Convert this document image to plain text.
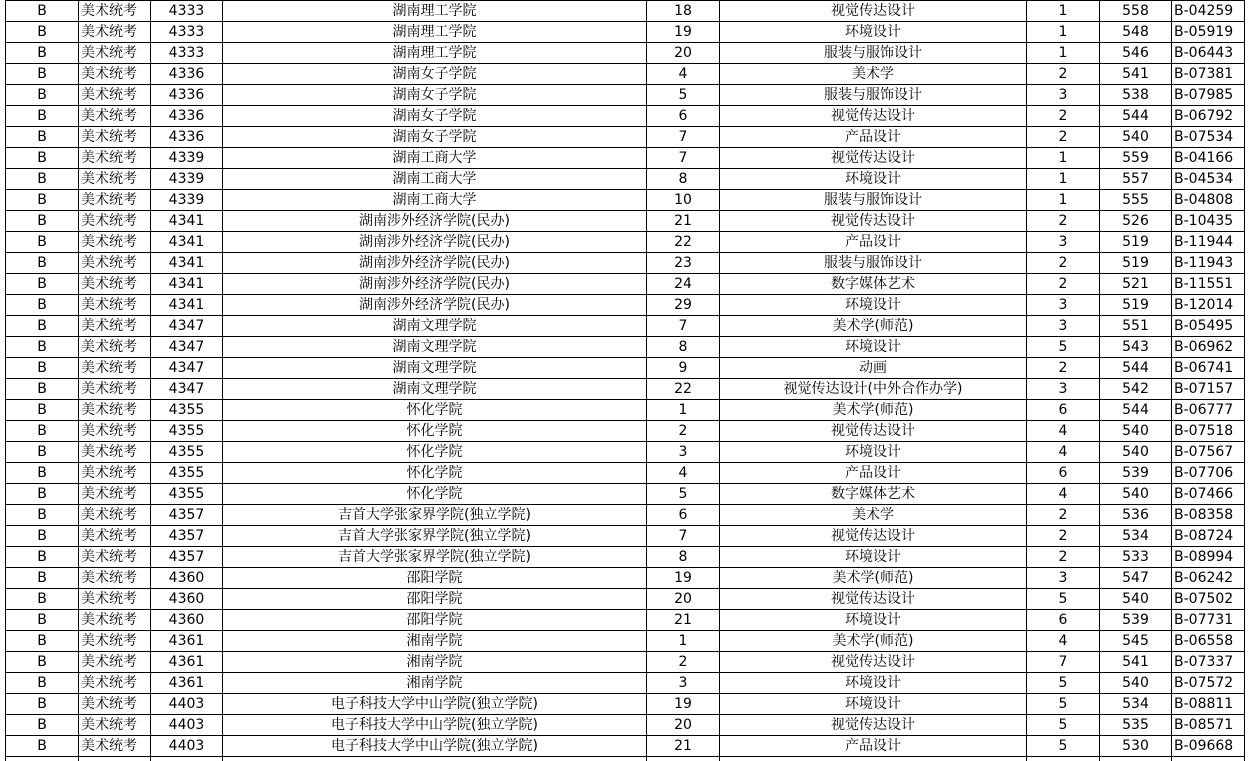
B	美术统考	4333	湖南理工学院	18	视觉传达设计	1	558	B-04259
B	美术统考	4333	湖南理工学院	19	环境设计	1	548	B-05919
B	美术统考	4333	湖南理工学院	20	服装与服饰设计	1	546	B-06443
B	美术统考	4336	湖南女子学院	4	美术学	2	541	B-07381
B	美术统考	4336	湖南女子学院	5	服装与服饰设计	3	538	B-07985
B	美术统考	4336	湖南女子学院	6	视觉传达设计	2	544	B-06792
B	美术统考	4336	湖南女子学院	7	产品设计	2	540	B-07534
B	美术统考	4339	湖南工商大学	7	视觉传达设计	1	559	B-04166
B	美术统考	4339	湖南工商大学	8	环境设计	1	557	B-04534
B	美术统考	4339	湖南工商大学	10	服装与服饰设计	1	555	B-04808
B	美术统考	4341	湖南涉外经济学院(民办)	21	视觉传达设计	2	526	B-10435
B	美术统考	4341	湖南涉外经济学院(民办)	22	产品设计	3	519	B-11944
B	美术统考	4341	湖南涉外经济学院(民办)	23	服装与服饰设计	2	519	B-11943
B	美术统考	4341	湖南涉外经济学院(民办)	24	数字媒体艺术	2	521	B-11551
B	美术统考	4341	湖南涉外经济学院(民办)	29	环境设计	3	519	B-12014
B	美术统考	4347	湖南文理学院	7	美术学(师范)	3	551	B-05495
B	美术统考	4347	湖南文理学院	8	环境设计	5	543	B-06962
B	美术统考	4347	湖南文理学院	9	动画	2	544	B-06741
B	美术统考	4347	湖南文理学院	22	视觉传达设计(中外合作办学)	3	542	B-07157
B	美术统考	4355	怀化学院	1	美术学(师范)	6	544	B-06777
B	美术统考	4355	怀化学院	2	视觉传达设计	4	540	B-07518
B	美术统考	4355	怀化学院	3	环境设计	4	540	B-07567
B	美术统考	4355	怀化学院	4	产品设计	6	539	B-07706
B	美术统考	4355	怀化学院	5	数字媒体艺术	4	540	B-07466
B	美术统考	4357	吉首大学张家界学院(独立学院)	6	美术学	2	536	B-08358
B	美术统考	4357	吉首大学张家界学院(独立学院)	7	视觉传达设计	2	534	B-08724
B	美术统考	4357	吉首大学张家界学院(独立学院)	8	环境设计	2	533	B-08994
B	美术统考	4360	邵阳学院	19	美术学(师范)	3	547	B-06242
B	美术统考	4360	邵阳学院	20	视觉传达设计	5	540	B-07502
B	美术统考	4360	邵阳学院	21	环境设计	6	539	B-07731
B	美术统考	4361	湘南学院	1	美术学(师范)	4	545	B-06558
B	美术统考	4361	湘南学院	2	视觉传达设计	7	541	B-07337
B	美术统考	4361	湘南学院	3	环境设计	5	540	B-07572
B	美术统考	4403	电子科技大学中山学院(独立学院)	19	环境设计	5	534	B-08811
B	美术统考	4403	电子科技大学中山学院(独立学院)	20	视觉传达设计	5	535	B-08571
B	美术统考	4403	电子科技大学中山学院(独立学院)	21	产品设计	5	530	B-09668
